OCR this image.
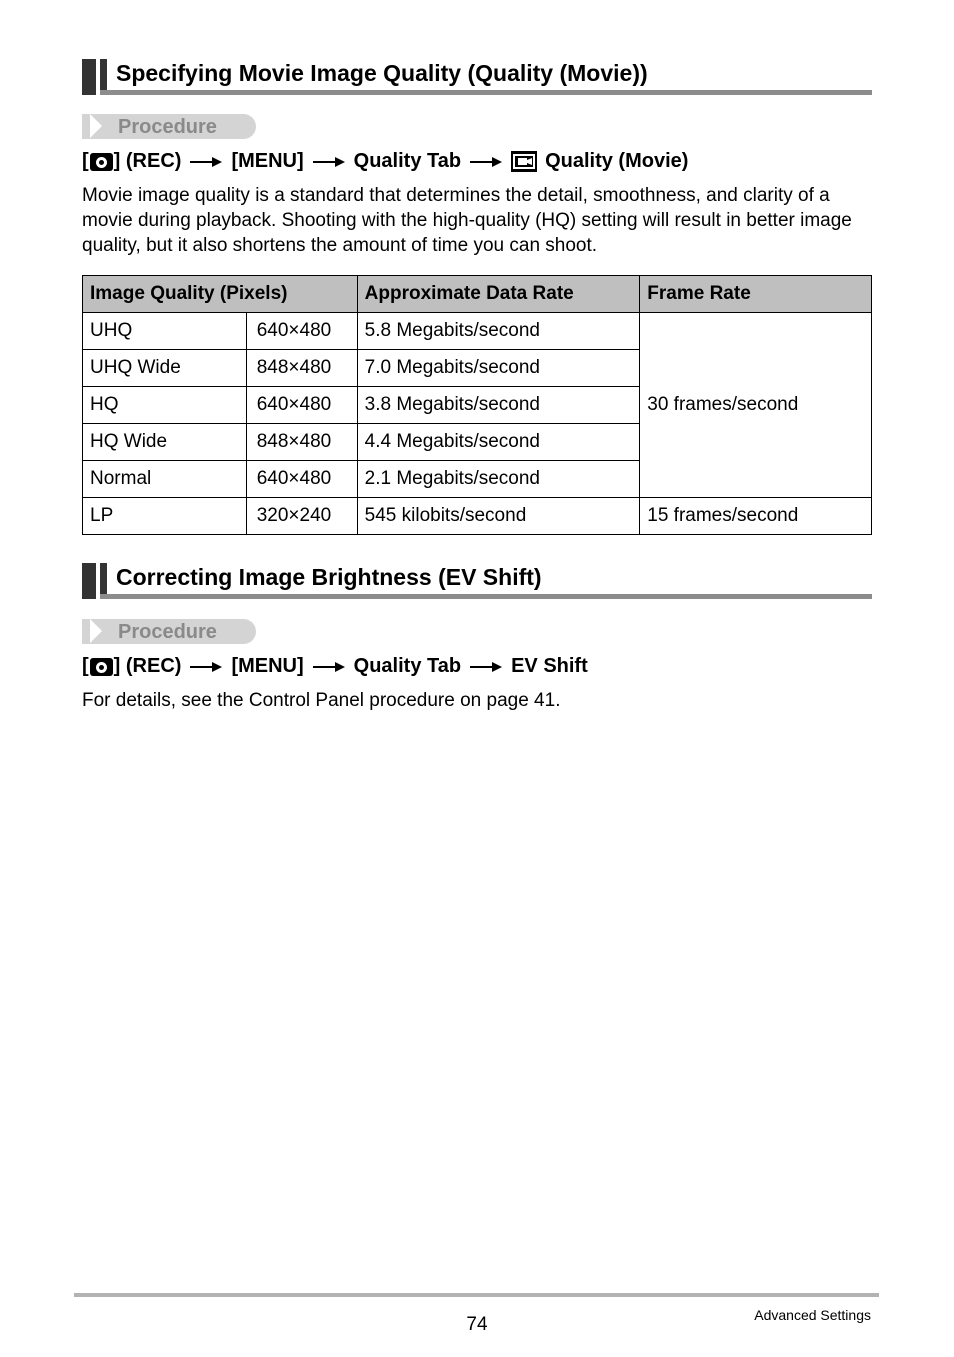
Specifying Movie Image Quality (Quality (Movie))
Procedure
[ ] (REC)	[MENU]	Quality Tab	Quality (Movie)
Movie image quality is a standard that determines the detail, smoothness, and clarity of a movie during playback. Shooting with the high-quality (HQ) setting will result in better image quality, but it also shortens the amount of time you can shoot.
Image Quality (Pixels)		Approximate Data Rate	Frame Rate
UHQ	640×480	5.8 Megabits/second	30 frames/second
UHQ Wide	848×480	7.0 Megabits/second	
HQ	640×480	3.8 Megabits/second	
HQ Wide	848×480	4.4 Megabits/second	
Normal	640×480	2.1 Megabits/second	
LP	320×240	545 kilobits/second	15 frames/second
Correcting Image Brightness (EV Shift)
Procedure
[ ] (REC)	[MENU]	Quality Tab	EV Shift
For details, see the Control Panel procedure on page 41.
74	Advanced Settings
